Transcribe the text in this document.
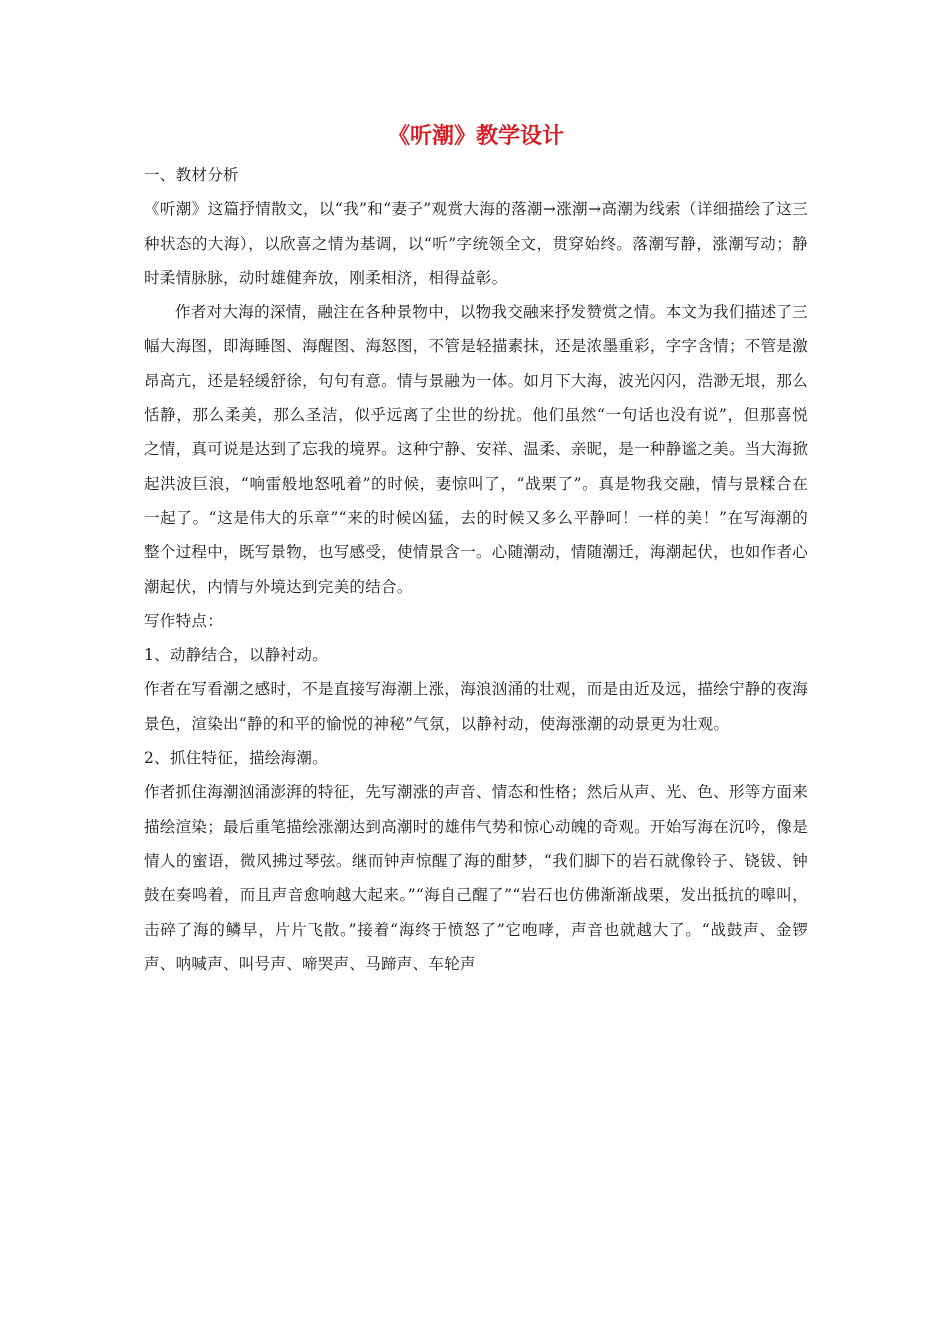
《听潮》教学设计

一、教材分析

《听潮》这篇抒情散文，以“我”和“妻子”观赏大海的落潮→涨潮→高潮为线索（详细描绘了这三种状态的大海），以欣喜之情为基调，以“听”字统领全文，贯穿始终。落潮写静，涨潮写动；静时柔情脉脉，动时雄健奔放，刚柔相济，相得益彰。

作者对大海的深情，融注在各种景物中，以物我交融来抒发赞赏之情。本文为我们描述了三幅大海图，即海睡图、海醒图、海怒图，不管是轻描素抹，还是浓墨重彩，字字含情；不管是激昂高亢，还是轻缓舒徐，句句有意。情与景融为一体。如月下大海，波光闪闪，浩渺无垠，那么恬静，那么柔美，那么圣洁，似乎远离了尘世的纷扰。他们虽然“一句话也没有说”，但那喜悦之情，真可说是达到了忘我的境界。这种宁静、安祥、温柔、亲昵，是一种静谧之美。当大海掀起洪波巨浪，“响雷般地怒吼着”的时候，妻惊叫了，“战栗了”。真是物我交融，情与景糅合在一起了。“这是伟大的乐章”“来的时候凶猛，去的时候又多么平静呵！一样的美！”在写海潮的整个过程中，既写景物，也写感受，使情景含一。心随潮动，情随潮迁，海潮起伏，也如作者心潮起伏，内情与外境达到完美的结合。

写作特点：

1、动静结合，以静衬动。

作者在写看潮之感时，不是直接写海潮上涨，海浪汹涌的壮观，而是由近及远，描绘宁静的夜海景色，渲染出“静的和平的愉悦的神秘”气氛，以静衬动，使海涨潮的动景更为壮观。

2、抓住特征，描绘海潮。

作者抓住海潮汹涌澎湃的特征，先写潮涨的声音、情态和性格；然后从声、光、色、形等方面来描绘渲染；最后重笔描绘涨潮达到高潮时的雄伟气势和惊心动魄的奇观。开始写海在沉吟，像是情人的蜜语，微风拂过琴弦。继而钟声惊醒了海的酣梦，“我们脚下的岩石就像铃子、铙钹、钟鼓在奏鸣着，而且声音愈响越大起来。”“海自己醒了”“岩石也仿佛渐渐战栗，发出抵抗的嗥叫，击碎了海的鳞早，片片飞散。”接着“海终于愤怒了”它咆哮，声音也就越大了。“战鼓声、金锣声、呐喊声、叫号声、啼哭声、马蹄声、车轮声
